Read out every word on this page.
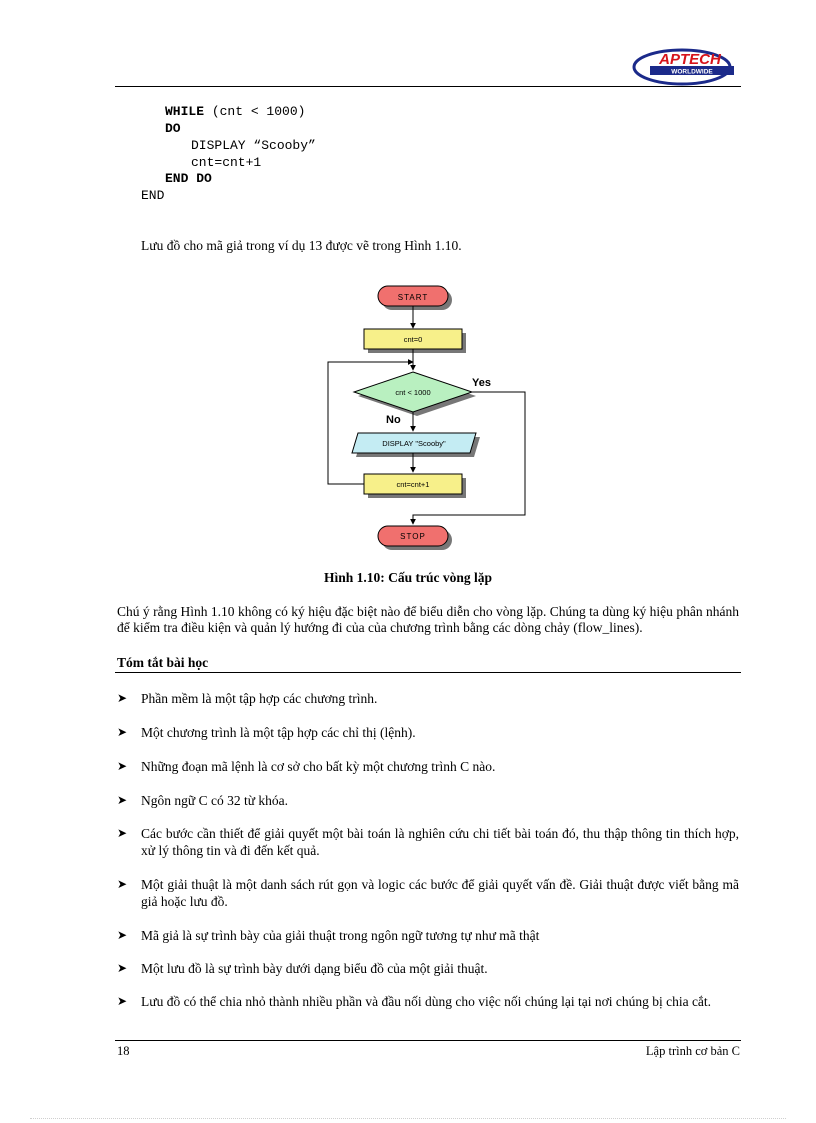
APTECH
WORLDWIDE
WHILE (cnt < 1000)
DO
DISPLAY “Scooby”
cnt=cnt+1
END DO
END
Lưu đồ cho mã giả trong ví dụ 13 được vẽ trong Hình 1.10.
START
cnt=0
cnt < 1000
Yes
No
DISPLAY "Scooby"
cnt=cnt+1
STOP
Hình 1.10: Cấu trúc vòng lặp
Chú ý rằng Hình 1.10 không có ký hiệu đặc biệt nào để biểu diễn cho vòng lặp. Chúng ta dùng ký hiệu phân nhánh để kiểm tra điều kiện và quản lý hướng đi của của chương trình bằng các dòng chảy (flow_lines).
Tóm tắt bài học
➤ Phần mềm là một tập hợp các chương trình.
➤ Một chương trình là một tập hợp các chỉ thị (lệnh).
➤ Những đoạn mã lệnh là cơ sở cho bất kỳ một chương trình C nào.
➤ Ngôn ngữ C có 32 từ khóa.
➤ Các bước cần thiết để giải quyết một bài toán là nghiên cứu chi tiết bài toán đó, thu thập thông tin thích hợp, xử lý thông tin và đi đến kết quả.
➤ Một giải thuật là một danh sách rút gọn và logic các bước để giải quyết vấn đề. Giải thuật được viết bằng mã giả hoặc lưu đồ.
➤ Mã giả là sự trình bày của giải thuật trong ngôn ngữ tương tự như mã thật
➤ Một lưu đồ là sự trình bày dưới dạng biểu đồ của một giải thuật.
➤ Lưu đồ có thể chia nhỏ thành nhiều phần và đầu nối dùng cho việc nối chúng lại tại nơi chúng bị chia cắt.
18	Lập trình cơ bản C
